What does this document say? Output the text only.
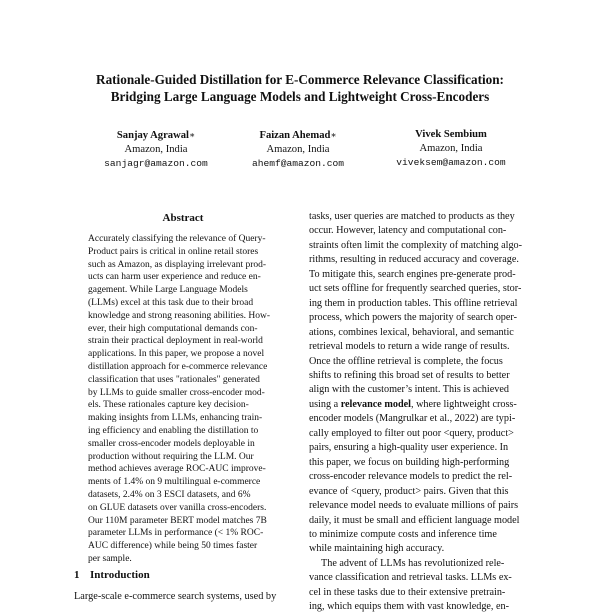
Rationale-Guided Distillation for E-Commerce Relevance Classification:
Bridging Large Language Models and Lightweight Cross-Encoders
Sanjay Agrawal∗
Amazon, India
sanjagr@amazon.com
Faizan Ahemad∗
Amazon, India
ahemf@amazon.com
Vivek Sembium
Amazon, India
viveksem@amazon.com
Abstract
Accurately classifying the relevance of Query-
Product pairs is critical in online retail stores
such as Amazon, as displaying irrelevant prod-
ucts can harm user experience and reduce en-
gagement. While Large Language Models
(LLMs) excel at this task due to their broad
knowledge and strong reasoning abilities. How-
ever, their high computational demands con-
strain their practical deployment in real-world
applications. In this paper, we propose a novel
distillation approach for e-commerce relevance
classification that uses "rationales" generated
by LLMs to guide smaller cross-encoder mod-
els. These rationales capture key decision-
making insights from LLMs, enhancing train-
ing efficiency and enabling the distillation to
smaller cross-encoder models deployable in
production without requiring the LLM. Our
method achieves average ROC-AUC improve-
ments of 1.4% on 9 multilingual e-commerce
datasets, 2.4% on 3 ESCI datasets, and 6%
on GLUE datasets over vanilla cross-encoders.
Our 110M parameter BERT model matches 7B
parameter LLMs in performance (< 1% ROC-
AUC difference) while being 50 times faster
per sample.
1 Introduction
Large-scale e-commerce search systems, used by
tasks, user queries are matched to products as they
occur. However, latency and computational con-
straints often limit the complexity of matching algo-
rithms, resulting in reduced accuracy and coverage.
To mitigate this, search engines pre-generate prod-
uct sets offline for frequently searched queries, stor-
ing them in production tables. This offline retrieval
process, which powers the majority of search oper-
ations, combines lexical, behavioral, and semantic
retrieval models to return a wide range of results.
Once the offline retrieval is complete, the focus
shifts to refining this broad set of results to better
align with the customer’s intent. This is achieved
using a relevance model, where lightweight cross-
encoder models (Mangrulkar et al., 2022) are typi-
cally employed to filter out poor <query, product>
pairs, ensuring a high-quality user experience. In
this paper, we focus on building high-performing
cross-encoder relevance models to predict the rel-
evance of <query, product> pairs. Given that this
relevance model needs to evaluate millions of pairs
daily, it must be small and efficient language model
to minimize compute costs and inference time
while maintaining high accuracy.
The advent of LLMs has revolutionized rele-
vance classification and retrieval tasks. LLMs ex-
cel in these tasks due to their extensive pretrain-
ing, which equips them with vast knowledge, en-
